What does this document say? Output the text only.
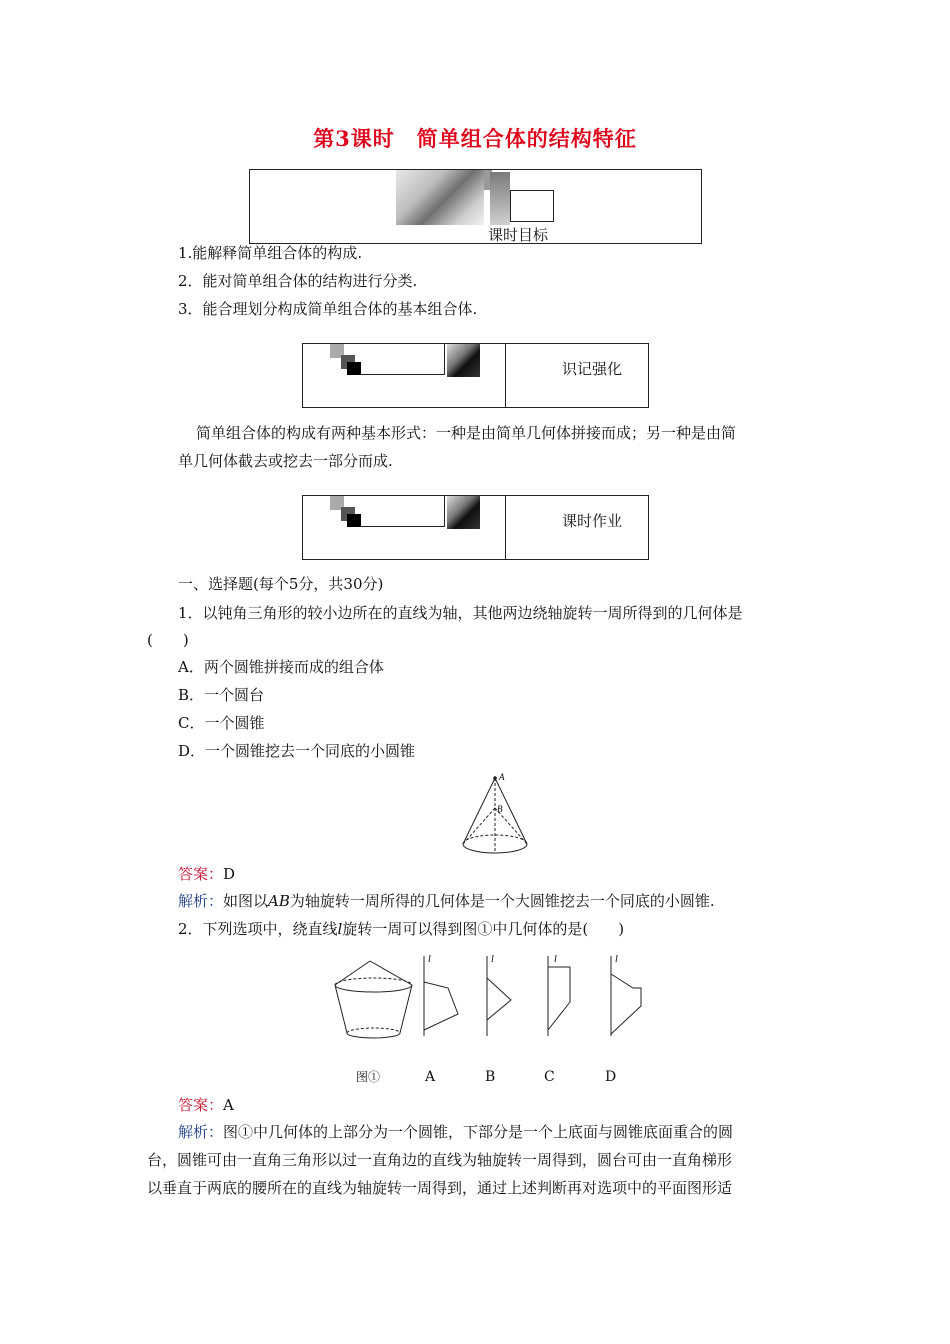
第3课时　简单组合体的结构特征
课时目标
1.能解释简单组合体的构成.
2．能对简单组合体的结构进行分类.
3．能合理划分构成简单组合体的基本组合体.
识记强化
简单组合体的构成有两种基本形式：一种是由简单几何体拼接而成；另一种是由简
单几何体截去或挖去一部分而成.
课时作业
一、选择题(每个5分，共30分)
1．以钝角三角形的较小边所在的直线为轴，其他两边绕轴旋转一周所得到的几何体是
(　　)
A．两个圆锥拼接而成的组合体
B．一个圆台
C．一个圆锥
D．一个圆锥挖去一个同底的小圆锥
A
B
答案：D
解析：如图以AB为轴旋转一周所得的几何体是一个大圆锥挖去一个同底的小圆锥.
2．下列选项中，绕直线l旋转一周可以得到图①中几何体的是(　　)
图①
l	l	l	l
A	B	C	D
答案：A
解析：图①中几何体的上部分为一个圆锥，下部分是一个上底面与圆锥底面重合的圆
台，圆锥可由一直角三角形以过一直角边的直线为轴旋转一周得到，圆台可由一直角梯形
以垂直于两底的腰所在的直线为轴旋转一周得到，通过上述判断再对选项中的平面图形适
